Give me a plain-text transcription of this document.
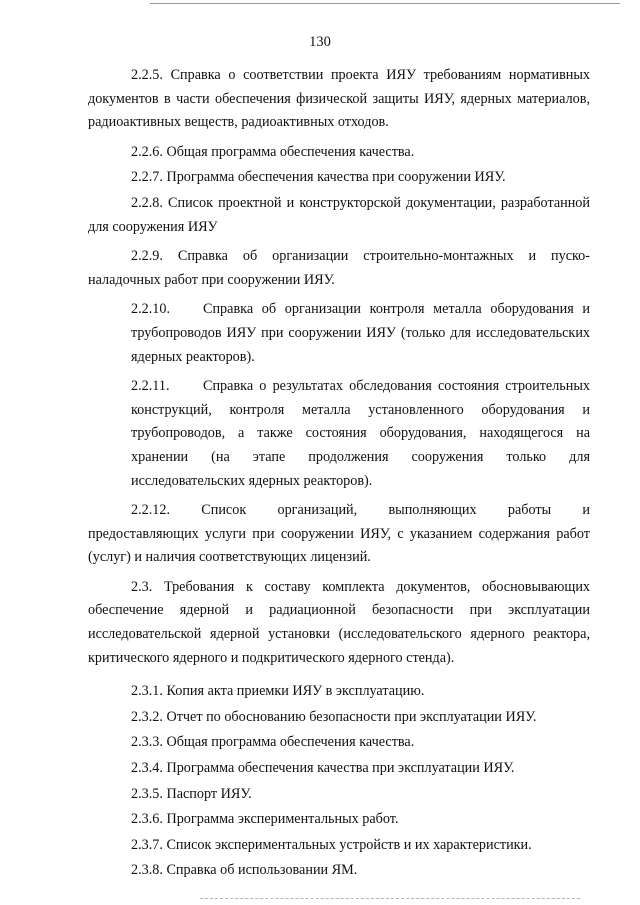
130

2.2.5. Справка о соответствии проекта ИЯУ требованиям нормативных документов в части обеспечения физической защиты ИЯУ, ядерных материалов, радиоактивных веществ, радиоактивных отходов.

2.2.6. Общая программа обеспечения качества.

2.2.7. Программа обеспечения качества при сооружении ИЯУ.

2.2.8. Список проектной и конструкторской документации, разработанной для сооружения ИЯУ

2.2.9. Справка об организации строительно-монтажных и пуско-наладочных работ при сооружении ИЯУ.

2.2.10. Справка об организации контроля металла оборудования и трубопроводов ИЯУ при сооружении ИЯУ (только для исследовательских ядерных реакторов).

2.2.11. Справка о результатах обследования состояния строительных конструкций, контроля металла установленного оборудования и трубопроводов, а также состояния оборудования, находящегося на хранении (на этапе продолжения сооружения только для исследовательских ядерных реакторов).

2.2.12. Список организаций, выполняющих работы и

предоставляющих услуги при сооружении ИЯУ, с указанием содержания работ (услуг) и наличия соответствующих лицензий.

2.3. Требования к составу комплекта документов, обосновывающих обеспечение ядерной и радиационной безопасности при эксплуатации исследовательской ядерной установки (исследовательского ядерного реактора, критического ядерного и подкритического ядерного стенда).

2.3.1. Копия акта приемки ИЯУ в эксплуатацию.

2.3.2. Отчет по обоснованию безопасности при эксплуатации ИЯУ.

2.3.3. Общая программа обеспечения качества.

2.3.4. Программа обеспечения качества при эксплуатации ИЯУ.

2.3.5. Паспорт ИЯУ.

2.3.6. Программа экспериментальных работ.

2.3.7. Список экспериментальных устройств и их характеристики.

2.3.8. Справка об использовании ЯМ.
